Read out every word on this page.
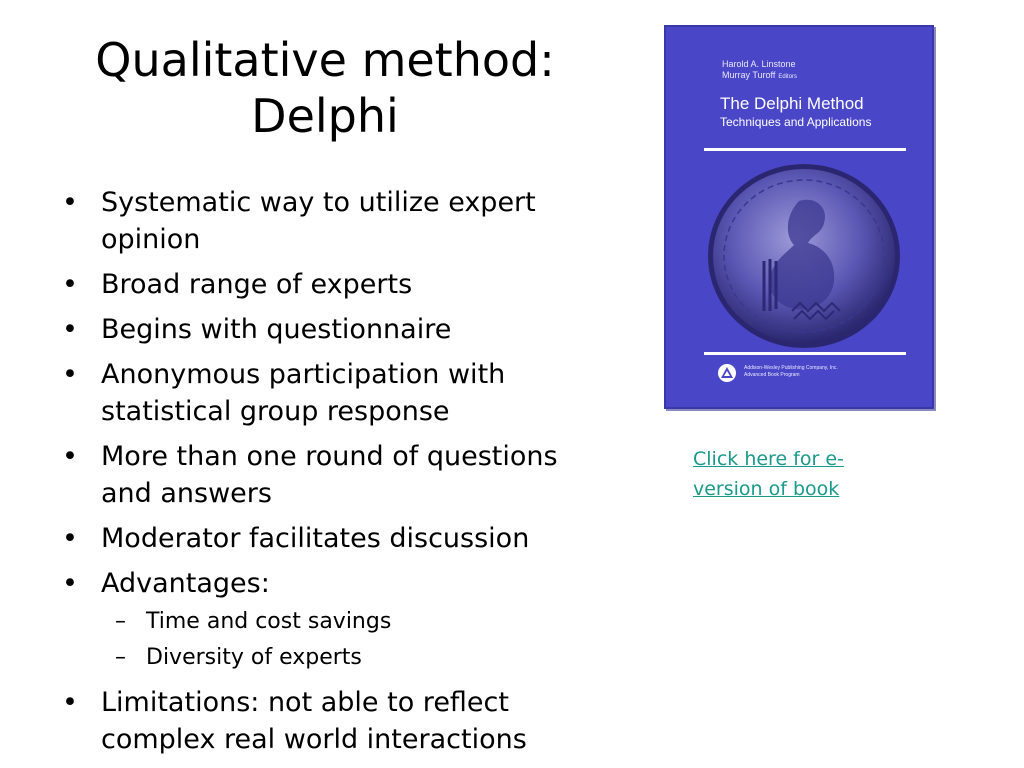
Qualitative method:
Delphi
• Systematic way to utilize expert
opinion
• Broad range of experts
• Begins with questionnaire
• Anonymous participation with
statistical group response
• More than one round of questions
and answers
• Moderator facilitates discussion
• Advantages:
– Time and cost savings
– Diversity of experts
• Limitations: not able to reflect
complex real world interactions
Harold A. Linstone
Murray Turoff Editors
The Delphi Method
Techniques and Applications
Addison-Wesley Publishing Company, Inc.
Advanced Book Program
Click here for e-
version of book
